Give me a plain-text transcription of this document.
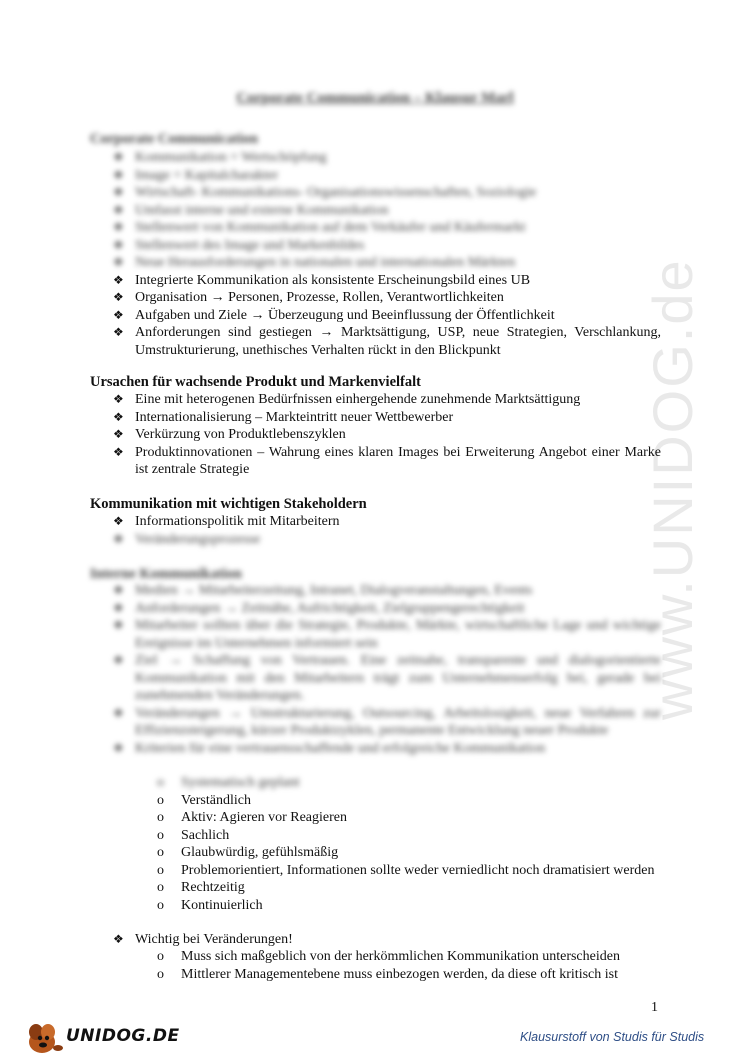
www.UNIDOG.de
Corporate Communication – Klausur Marl
Corporate Communication
❖ Kommunikation = Wertschöpfung
❖ Image = Kapitalcharakter
❖ Wirtschaft- Kommunikations- Organisationswissenschaften, Soziologie
❖ Umfasst interne und externe Kommunikation
❖ Stellenwert von Kommunikation auf dem Verkäufer und Käufermarkt
❖ Stellenwert des Image und Markenbildes
❖ Neue Herausforderungen in nationalen und internationalen Märkten
❖ Integrierte Kommunikation als konsistente Erscheinungsbild eines UB
❖ Organisation → Personen, Prozesse, Rollen, Verantwortlichkeiten
❖ Aufgaben und Ziele → Überzeugung und Beeinflussung der Öffentlichkeit
❖ Anforderungen sind gestiegen → Marktsättigung, USP, neue Strategien, Verschlankung, Umstrukturierung, unethisches Verhalten rückt in den Blickpunkt
Ursachen für wachsende Produkt und Markenvielfalt
❖ Eine mit heterogenen Bedürfnissen einhergehende zunehmende Marktsättigung
❖ Internationalisierung – Markteintritt neuer Wettbewerber
❖ Verkürzung von Produktlebenszyklen
❖ Produktinnovationen – Wahrung eines klaren Images bei Erweiterung Angebot einer Marke ist zentrale Strategie
Kommunikation mit wichtigen Stakeholdern
❖ Informationspolitik mit Mitarbeitern
❖ Veränderungsprozesse
Interne Kommunikation
❖ Medien → Mitarbeiterzeitung, Intranet, Dialogveranstaltungen, Events
❖ Anforderungen → Zeitnähe, Aufrichtigkeit, Zielgruppengerechtigkeit
❖ Mitarbeiter sollten über die Strategie, Produkte, Märkte, wirtschaftliche Lage und wichtige Ereignisse im Unternehmen informiert sein
❖ Ziel → Schaffung von Vertrauen. Eine zeitnahe, transparente und dialogorientierte Kommunikation mit den Mitarbeitern trägt zum Unternehmenserfolg bei, gerade bei zunehmenden Veränderungen.
❖ Veränderungen → Umstrukturierung, Outsourcing, Arbeitslosigkeit, neue Verfahren zur Effizienzsteigerung, kürzer Produktzyklen, permanente Entwicklung neuer Produkte
❖ Kriterien für eine vertrauensschaffende und erfolgreiche Kommunikation
o Systematisch geplant
o Verständlich
o Aktiv: Agieren vor Reagieren
o Sachlich
o Glaubwürdig, gefühlsmäßig
o Problemorientiert, Informationen sollte weder verniedlicht noch dramatisiert werden
o Rechtzeitig
o Kontinuierlich
❖ Wichtig bei Veränderungen!
o Muss sich maßgeblich von der herkömmlichen Kommunikation unterscheiden
o Mittlerer Managementebene muss einbezogen werden, da diese oft kritisch ist
1
UNIDOG.DE	Klausurstoff von Studis für Studis
